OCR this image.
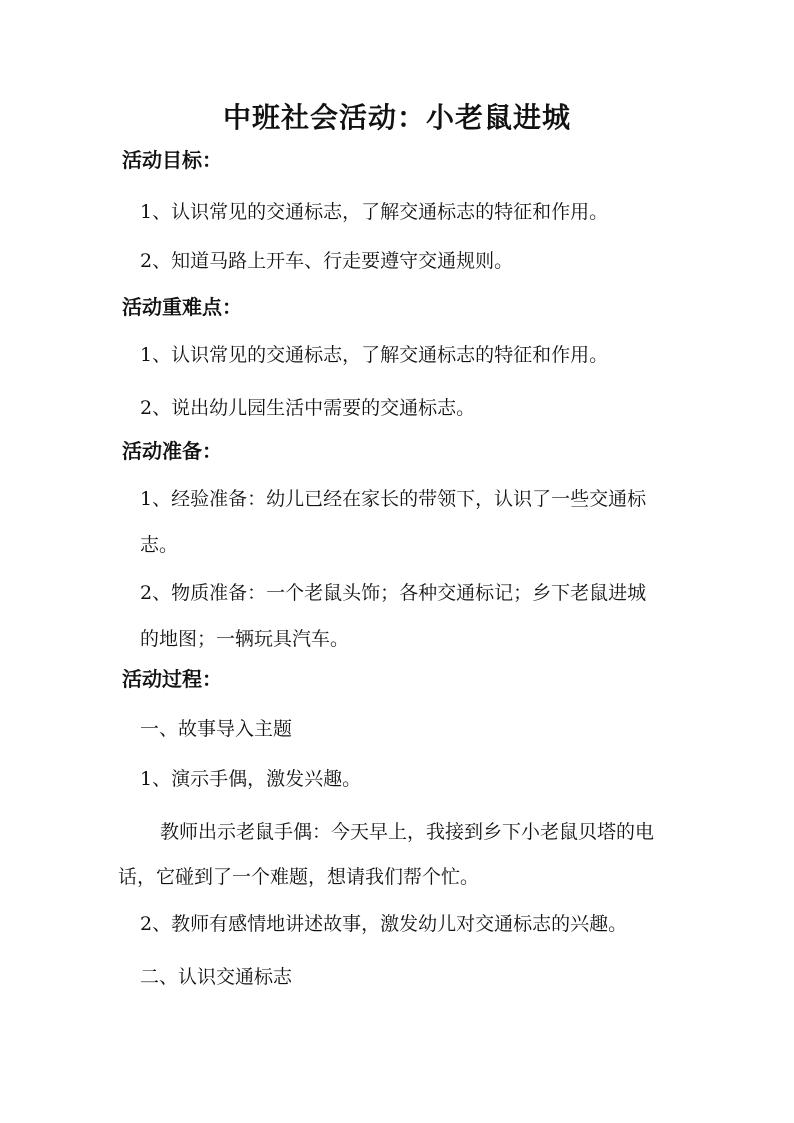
中班社会活动：小老鼠进城
活动目标：
1、认识常见的交通标志，了解交通标志的特征和作用。
2、知道马路上开车、行走要遵守交通规则。
活动重难点：
1、认识常见的交通标志，了解交通标志的特征和作用。
2、说出幼儿园生活中需要的交通标志。
活动准备：
1、经验准备：幼儿已经在家长的带领下，认识了一些交通标
志。
2、物质准备：一个老鼠头饰；各种交通标记；乡下老鼠进城
的地图；一辆玩具汽车。
活动过程：
一、故事导入主题
1、演示手偶，激发兴趣。
教师出示老鼠手偶：今天早上，我接到乡下小老鼠贝塔的电
话，它碰到了一个难题，想请我们帮个忙。
2、教师有感情地讲述故事，激发幼儿对交通标志的兴趣。
二、认识交通标志
